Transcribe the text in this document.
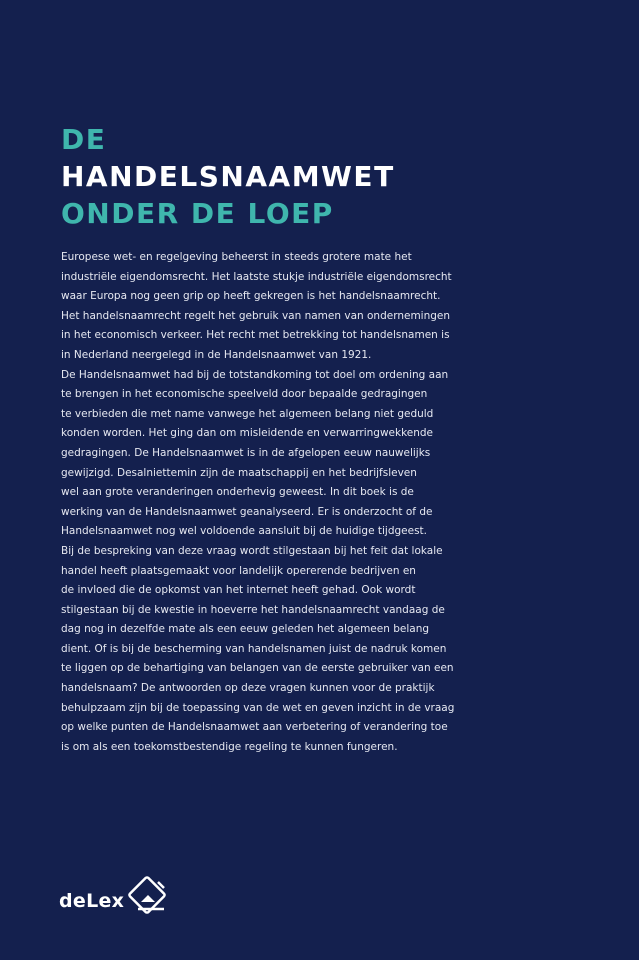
DE
HANDELSNAAMWET
ONDER DE LOEP
Europese wet- en regelgeving beheerst in steeds grotere mate het
industriële eigendomsrecht. Het laatste stukje industriële eigendomsrecht
waar Europa nog geen grip op heeft gekregen is het handelsnaamrecht.
Het handelsnaamrecht regelt het gebruik van namen van ondernemingen
in het economisch verkeer. Het recht met betrekking tot handelsnamen is
in Nederland neergelegd in de Handelsnaamwet van 1921.
De Handelsnaamwet had bij de totstandkoming tot doel om ordening aan
te brengen in het economische speelveld door bepaalde gedragingen
te verbieden die met name vanwege het algemeen belang niet geduld
konden worden. Het ging dan om misleidende en verwarringwekkende
gedragingen. De Handelsnaamwet is in de afgelopen eeuw nauwelijks
gewijzigd. Desalniettemin zijn de maatschappij en het bedrijfsleven
wel aan grote veranderingen onderhevig geweest. In dit boek is de
werking van de Handelsnaamwet geanalyseerd. Er is onderzocht of de
Handelsnaamwet nog wel voldoende aansluit bij de huidige tijdgeest.
Bij de bespreking van deze vraag wordt stilgestaan bij het feit dat lokale
handel heeft plaatsgemaakt voor landelijk opererende bedrijven en
de invloed die de opkomst van het internet heeft gehad. Ook wordt
stilgestaan bij de kwestie in hoeverre het handelsnaamrecht vandaag de
dag nog in dezelfde mate als een eeuw geleden het algemeen belang
dient. Of is bij de bescherming van handelsnamen juist de nadruk komen
te liggen op de behartiging van belangen van de eerste gebruiker van een
handelsnaam? De antwoorden op deze vragen kunnen voor de praktijk
behulpzaam zijn bij de toepassing van de wet en geven inzicht in de vraag
op welke punten de Handelsnaamwet aan verbetering of verandering toe
is om als een toekomstbestendige regeling te kunnen fungeren.
deLex
